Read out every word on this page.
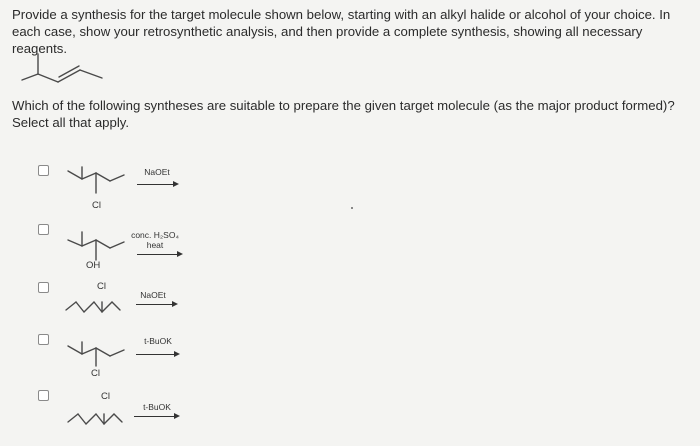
Provide a synthesis for the target molecule shown below, starting with an alkyl halide or alcohol of your choice. In each case, show your retrosynthetic analysis, and then provide a complete synthesis, showing all necessary reagents.

Which of the following syntheses are suitable to prepare the given target molecule (as the major product formed)? Select all that apply.

Cl
NaOEt
OH
conc. H₂SO₄
heat
Cl
NaOEt
Cl
t-BuOK
Cl
t-BuOK
